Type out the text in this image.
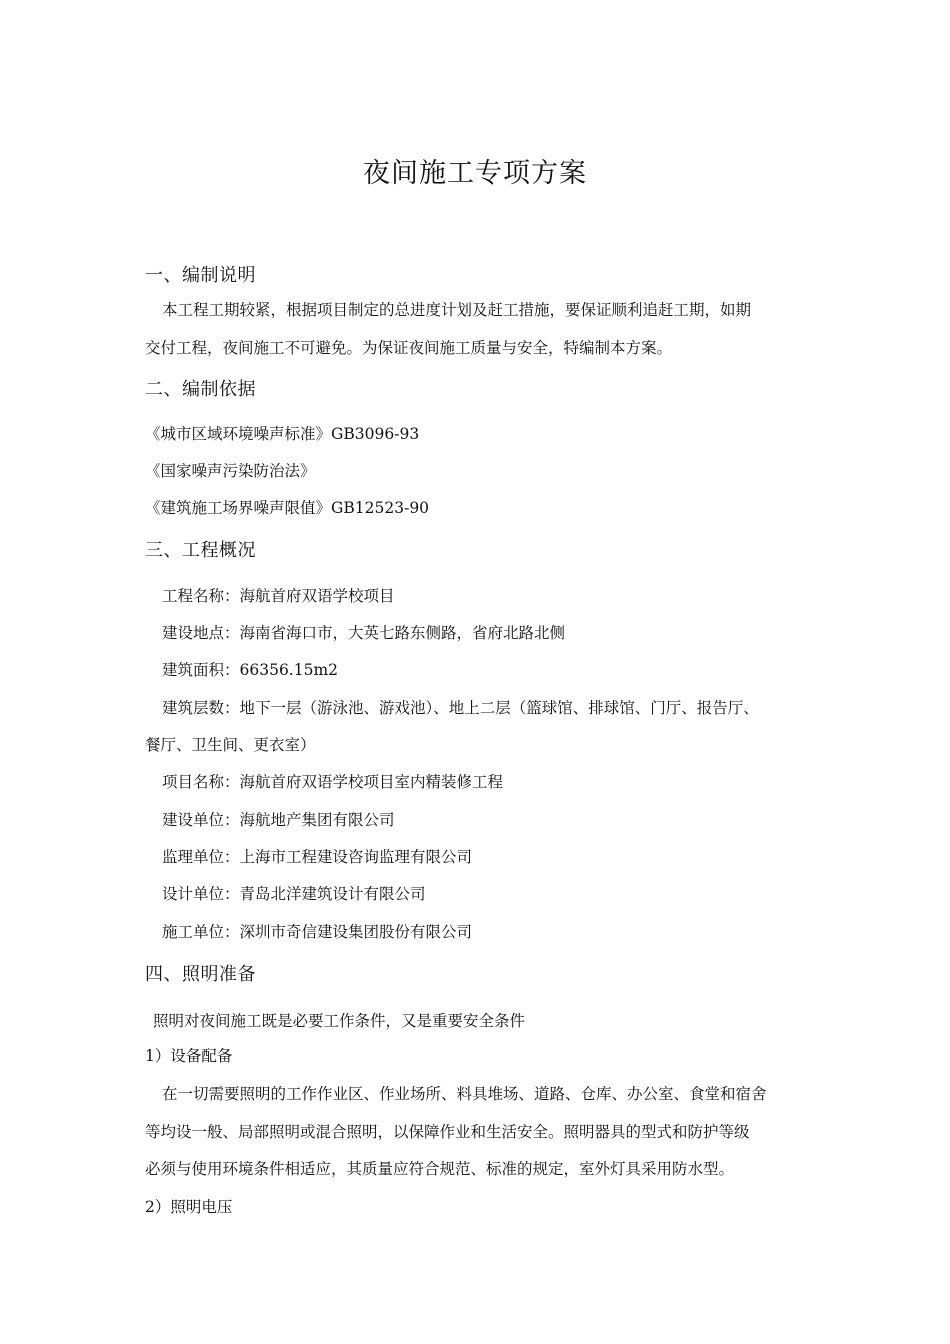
夜间施工专项方案
一、编制说明
本工程工期较紧，根据项目制定的总进度计划及赶工措施，要保证顺利追赶工期，如期
交付工程，夜间施工不可避免。为保证夜间施工质量与安全，特编制本方案。
二、编制依据
《城市区域环境噪声标准》GB3096-93
《国家噪声污染防治法》
《建筑施工场界噪声限值》GB12523-90
三、工程概况
工程名称：海航首府双语学校项目
建设地点：海南省海口市，大英七路东侧路，省府北路北侧
建筑面积：66356.15m2
建筑层数：地下一层（游泳池、游戏池）、地上二层（篮球馆、排球馆、门厅、报告厅、
餐厅、卫生间、更衣室）
项目名称：海航首府双语学校项目室内精装修工程
建设单位：海航地产集团有限公司
监理单位：上海市工程建设咨询监理有限公司
设计单位：青岛北洋建筑设计有限公司
施工单位：深圳市奇信建设集团股份有限公司
四、照明准备
照明对夜间施工既是必要工作条件，又是重要安全条件
1）设备配备
在一切需要照明的工作作业区、作业场所、料具堆场、道路、仓库、办公室、食堂和宿舍
等均设一般、局部照明或混合照明，以保障作业和生活安全。照明器具的型式和防护等级
必须与使用环境条件相适应，其质量应符合规范、标准的规定，室外灯具采用防水型。
2）照明电压
